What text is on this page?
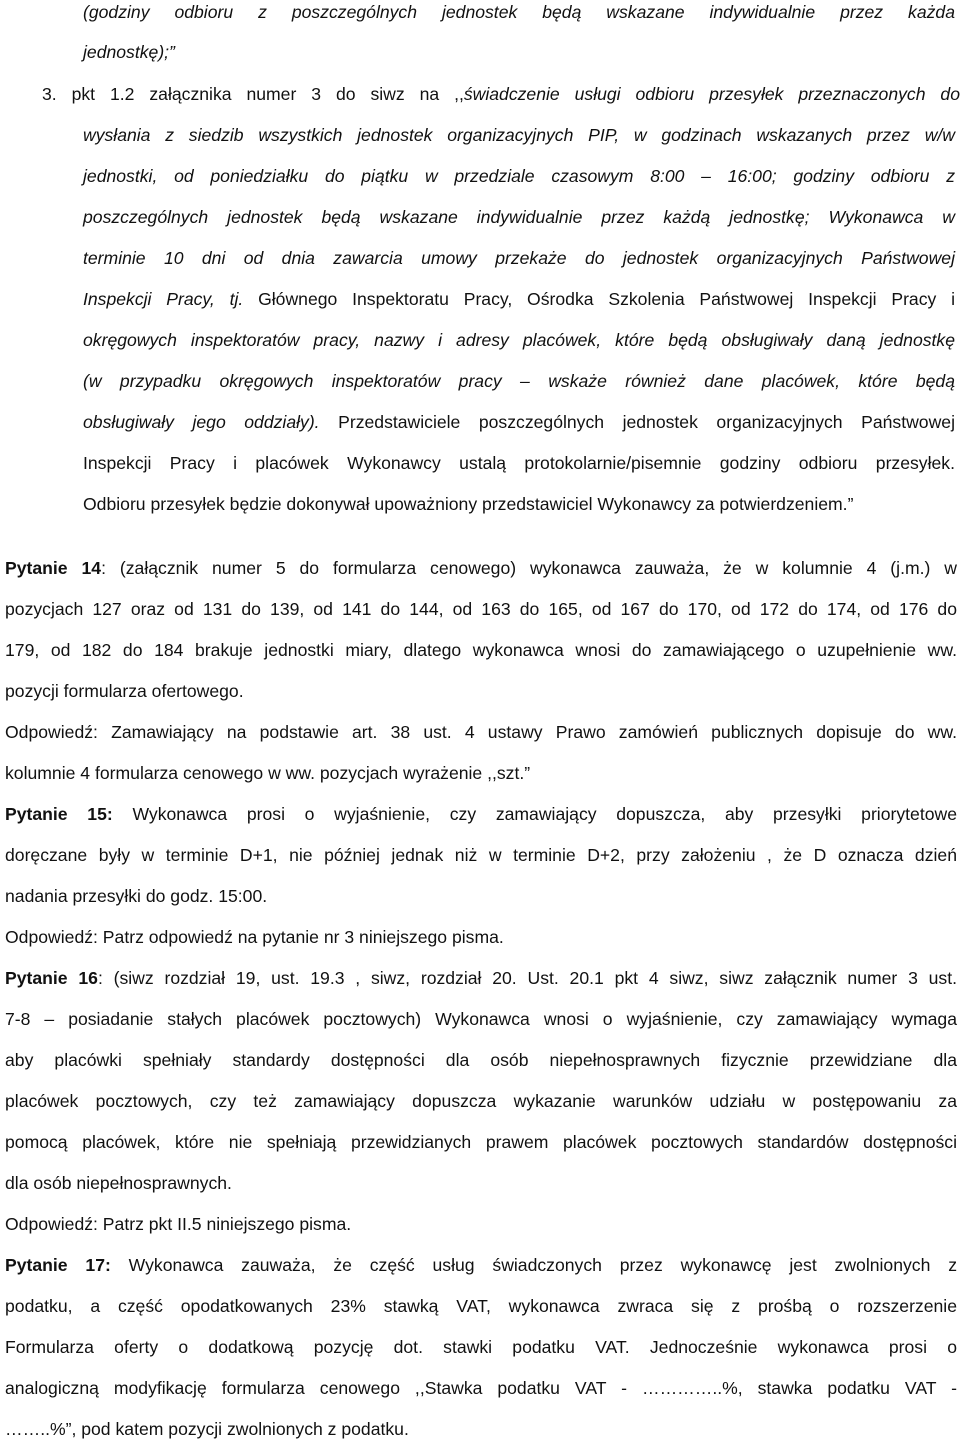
(godziny odbioru z poszczególnych jednostek będą wskazane indywidualnie przez każda
jednostkę);”
3. pkt 1.2 załącznika numer 3 do siwz na ,,świadczenie usługi odbioru przesyłek przeznaczonych do
wysłania z siedzib wszystkich jednostek organizacyjnych PIP, w godzinach wskazanych przez w/w
jednostki, od poniedziałku do piątku w przedziale czasowym 8:00 – 16:00; godziny odbioru z
poszczególnych jednostek będą wskazane indywidualnie przez każdą jednostkę; Wykonawca w
terminie 10 dni od dnia zawarcia umowy przekaże do jednostek organizacyjnych Państwowej
Inspekcji Pracy, tj. Głównego Inspektoratu Pracy, Ośrodka Szkolenia Państwowej Inspekcji Pracy i
okręgowych inspektoratów pracy, nazwy i adresy placówek, które będą obsługiwały daną jednostkę
(w przypadku okręgowych inspektoratów pracy – wskaże również dane placówek, które będą
obsługiwały jego oddziały). Przedstawiciele poszczególnych jednostek organizacyjnych Państwowej
Inspekcji Pracy i placówek Wykonawcy ustalą protokolarnie/pisemnie godziny odbioru przesyłek.
Odbioru przesyłek będzie dokonywał upoważniony przedstawiciel Wykonawcy za potwierdzeniem.”
Pytanie 14: (załącznik numer 5 do formularza cenowego) wykonawca zauważa, że w kolumnie 4 (j.m.) w
pozycjach 127 oraz od 131 do 139, od 141 do 144, od 163 do 165, od 167 do 170, od 172 do 174, od 176 do
179, od 182 do 184 brakuje jednostki miary, dlatego wykonawca wnosi do zamawiającego o uzupełnienie ww.
pozycji formularza ofertowego.
Odpowiedź: Zamawiający na podstawie art. 38 ust. 4 ustawy Prawo zamówień publicznych dopisuje do ww.
kolumnie 4 formularza cenowego w ww. pozycjach wyrażenie ,,szt.”
Pytanie 15: Wykonawca prosi o wyjaśnienie, czy zamawiający dopuszcza, aby przesyłki priorytetowe
doręczane były w terminie D+1, nie później jednak niż w terminie D+2, przy założeniu , że D oznacza dzień
nadania przesyłki do godz. 15:00.
Odpowiedź: Patrz odpowiedź na pytanie nr 3 niniejszego pisma.
Pytanie 16: (siwz rozdział 19, ust. 19.3 , siwz, rozdział 20. Ust. 20.1 pkt 4 siwz, siwz załącznik numer 3 ust.
7-8 – posiadanie stałych placówek pocztowych) Wykonawca wnosi o wyjaśnienie, czy zamawiający wymaga
aby placówki spełniały standardy dostępności dla osób niepełnosprawnych fizycznie przewidziane dla
placówek pocztowych, czy też zamawiający dopuszcza wykazanie warunków udziału w postępowaniu za
pomocą placówek, które nie spełniają przewidzianych prawem placówek pocztowych standardów dostępności
dla osób niepełnosprawnych.
Odpowiedź: Patrz pkt II.5 niniejszego pisma.
Pytanie 17: Wykonawca zauważa, że część usług świadczonych przez wykonawcę jest zwolnionych z
podatku, a część opodatkowanych 23% stawką VAT, wykonawca zwraca się z prośbą o rozszerzenie
Formularza oferty o dodatkową pozycję dot. stawki podatku VAT. Jednocześnie wykonawca prosi o
analogiczną modyfikację formularza cenowego ,,Stawka podatku VAT - …………..%, stawka podatku VAT -
……..%”, pod katem pozycji zwolnionych z podatku.
